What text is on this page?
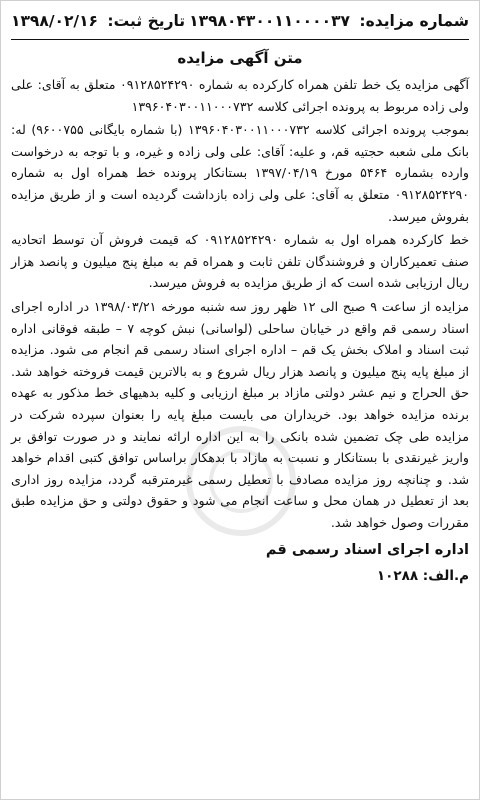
شماره مزایده: ۱۳۹۸۰۴۳۰۰۱۱۰۰۰۰۳۷
تاریخ ثبت: ۱۳۹۸/۰۲/۱۶
متن آگهی مزایده

آگهی مزایده یک خط تلفن همراه کارکرده به شماره ۰۹۱۲۸۵۲۴۲۹۰ متعلق به آقای: علی ولی زاده مربوط به پرونده اجرائی کلاسه ۱۳۹۶۰۴۰۳۰۰۱۱۰۰۰۷۳۲

بموجب پرونده اجرائی کلاسه ۱۳۹۶۰۴۰۳۰۰۱۱۰۰۰۷۳۲ (با شماره بایگانی ۹۶۰۰۷۵۵) له: بانک ملی شعبه حجتیه قم، و علیه: آقای: علی ولی زاده و غیره، و با توجه به درخواست وارده بشماره ۵۴۶۴ مورخ ۱۳۹۷/۰۴/۱۹ بستانکار پرونده خط همراه اول به شماره ۰۹۱۲۸۵۲۴۲۹۰ متعلق به آقای: علی ولی زاده بازداشت گردیده است و از طریق مزایده بفروش میرسد.

خط کارکرده همراه اول به شماره ۰۹۱۲۸۵۲۴۲۹۰ که قیمت فروش آن توسط اتحادیه صنف تعمیرکاران و فروشندگان تلفن ثابت و همراه قم به مبلغ پنج میلیون و پانصد هزار ریال ارزیابی شده است که از طریق مزایده به فروش میرسد.

مزایده از ساعت ۹ صبح الی ۱۲ ظهر روز سه شنبه مورخه ۱۳۹۸/۰۳/۲۱ در اداره اجرای اسناد رسمی قم واقع در خیابان ساحلی (لواسانی) نبش کوچه ۷ – طبقه فوقانی اداره ثبت اسناد و املاک بخش یک قم – اداره اجرای اسناد رسمی قم انجام می شود. مزایده از مبلغ پایه پنج میلیون و پانصد هزار ریال شروع و به بالاترین قیمت فروخته خواهد شد. حق الحراج و نیم عشر دولتی مازاد بر مبلغ ارزیابی و کلیه بدهیهای خط مذکور به عهده برنده مزایده خواهد بود. خریداران می بایست مبلغ پایه را بعنوان سپرده شرکت در مزایده طی چک تضمین شده بانکی را به این اداره ارائه نمایند و در صورت توافق بر واریز غیرنقدی با بستانکار و نسبت به مازاد با بدهکار براساس توافق کتبی اقدام خواهد شد. و چنانچه روز مزایده مصادف با تعطیل رسمی غیرمترقبه گردد، مزایده روز اداری بعد از تعطیل در همان محل و ساعت انجام می شود و حقوق دولتی و حق مزایده طبق مقررات وصول خواهد شد.

اداره اجرای اسناد رسمی قم
م.الف: ۱۰۲۸۸
